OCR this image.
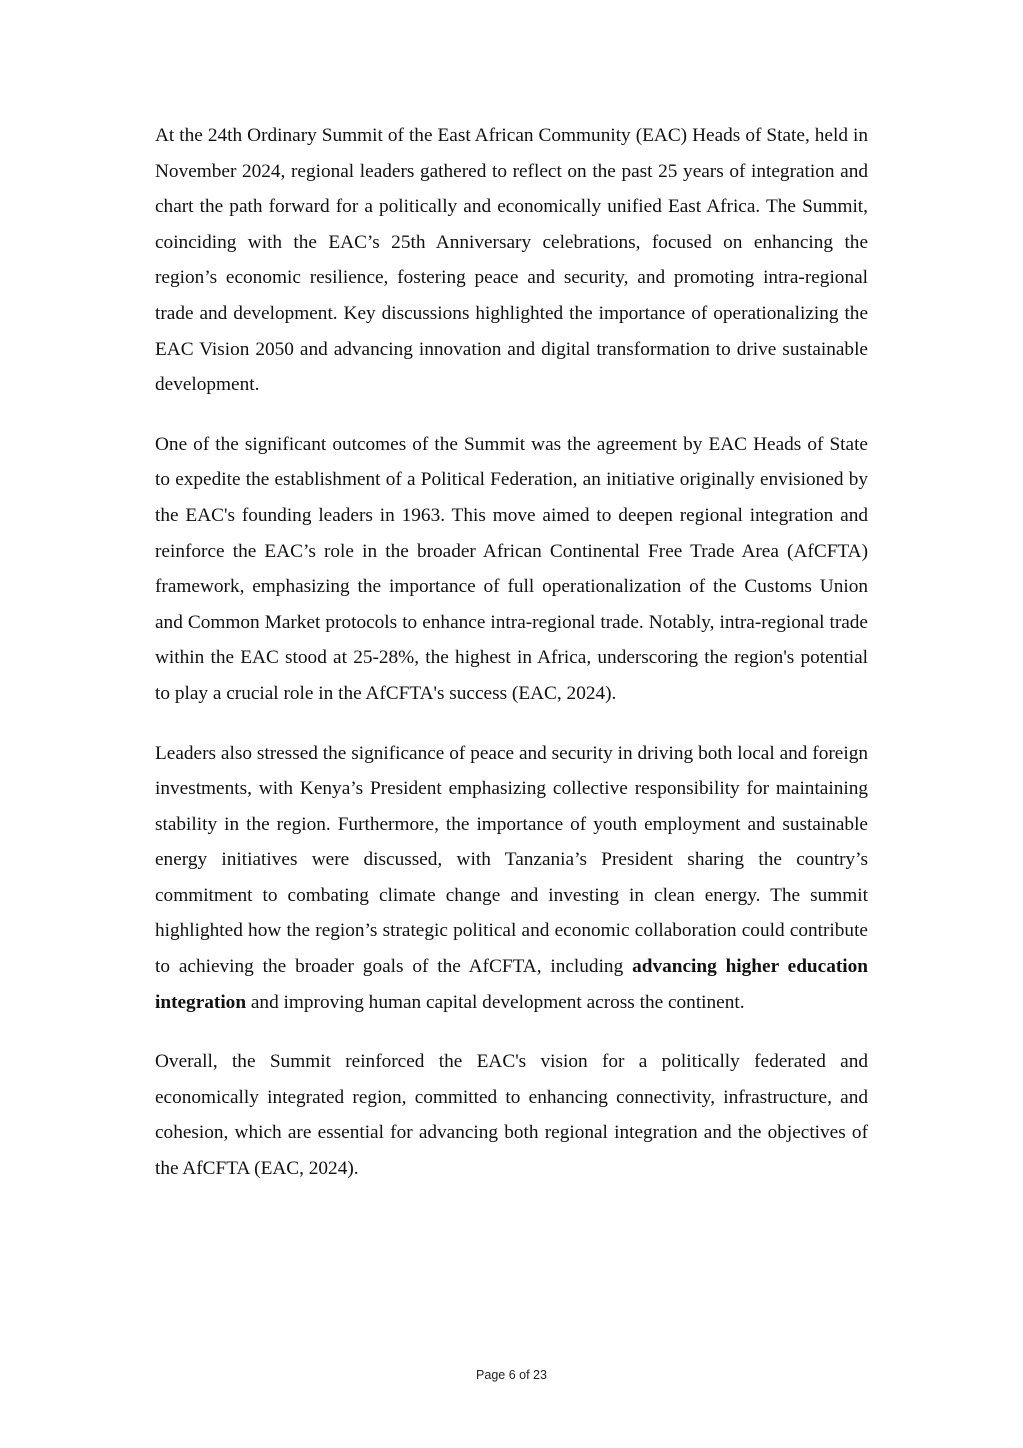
At the 24th Ordinary Summit of the East African Community (EAC) Heads of State, held in November 2024, regional leaders gathered to reflect on the past 25 years of integration and chart the path forward for a politically and economically unified East Africa. The Summit, coinciding with the EAC’s 25th Anniversary celebrations, focused on enhancing the region’s economic resilience, fostering peace and security, and promoting intra-regional trade and development. Key discussions highlighted the importance of operationalizing the EAC Vision 2050 and advancing innovation and digital transformation to drive sustainable development.

One of the significant outcomes of the Summit was the agreement by EAC Heads of State to expedite the establishment of a Political Federation, an initiative originally envisioned by the EAC's founding leaders in 1963. This move aimed to deepen regional integration and reinforce the EAC’s role in the broader African Continental Free Trade Area (AfCFTA) framework, emphasizing the importance of full operationalization of the Customs Union and Common Market protocols to enhance intra-regional trade. Notably, intra-regional trade within the EAC stood at 25-28%, the highest in Africa, underscoring the region's potential to play a crucial role in the AfCFTA's success (EAC, 2024).

Leaders also stressed the significance of peace and security in driving both local and foreign investments, with Kenya’s President emphasizing collective responsibility for maintaining stability in the region. Furthermore, the importance of youth employment and sustainable energy initiatives were discussed, with Tanzania’s President sharing the country’s commitment to combating climate change and investing in clean energy. The summit highlighted how the region’s strategic political and economic collaboration could contribute to achieving the broader goals of the AfCFTA, including advancing higher education integration and improving human capital development across the continent.

Overall, the Summit reinforced the EAC's vision for a politically federated and economically integrated region, committed to enhancing connectivity, infrastructure, and cohesion, which are essential for advancing both regional integration and the objectives of the AfCFTA (EAC, 2024).

Page 6 of 23
